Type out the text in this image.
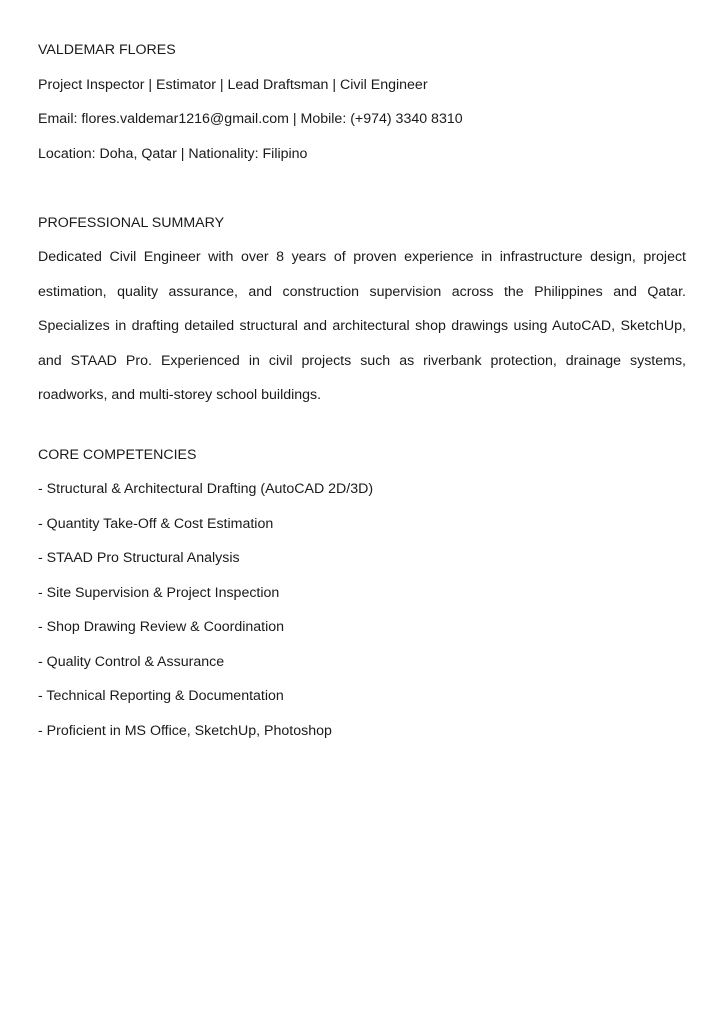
VALDEMAR FLORES
Project Inspector | Estimator | Lead Draftsman | Civil Engineer
Email: flores.valdemar1216@gmail.com | Mobile: (+974) 3340 8310
Location: Doha, Qatar | Nationality: Filipino
PROFESSIONAL SUMMARY

Dedicated Civil Engineer with over 8 years of proven experience in infrastructure design, project estimation, quality assurance, and construction supervision across the Philippines and Qatar. Specializes in drafting detailed structural and architectural shop drawings using AutoCAD, SketchUp, and STAAD Pro. Experienced in civil projects such as riverbank protection, drainage systems, roadworks, and multi-storey school buildings.

CORE COMPETENCIES
- Structural & Architectural Drafting (AutoCAD 2D/3D)
- Quantity Take-Off & Cost Estimation
- STAAD Pro Structural Analysis
- Site Supervision & Project Inspection
- Shop Drawing Review & Coordination
- Quality Control & Assurance
- Technical Reporting & Documentation
- Proficient in MS Office, SketchUp, Photoshop
